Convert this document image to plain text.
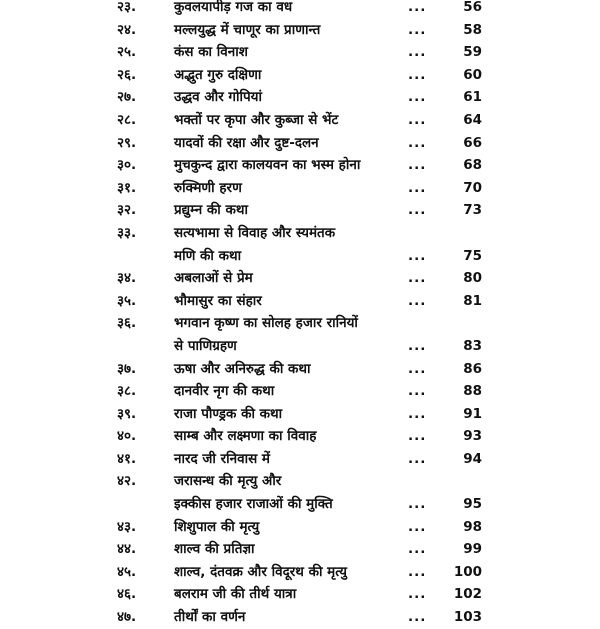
२३.	कुवलयापीड़ गज का वध	...	56
२४.	मल्लयुद्ध में चाणूर का प्राणान्त	...	58
२५.	कंस का विनाश	...	59
२६.	अद्भुत गुरु दक्षिणा	...	60
२७.	उद्धव और गोपियां	...	61
२८.	भक्तों पर कृपा और कुब्जा से भेंट	...	64
२९.	यादवों की रक्षा और दुष्ट-दलन	...	66
३०.	मुचकुन्द द्वारा कालयवन का भस्म होना	...	68
३१.	रुक्मिणी हरण	...	70
३२.	प्रद्युम्न की कथा	...	73
३३.	सत्यभामा से विवाह और स्यमंतक
मणि की कथा	...	75
३४.	अबलाओं से प्रेम	...	80
३५.	भौमासुर का संहार	...	81
३६.	भगवान कृष्ण का सोलह हजार रानियों
से पाणिग्रहण	...	83
३७.	ऊषा और अनिरुद्ध की कथा	...	86
३८.	दानवीर नृग की कथा	...	88
३९.	राजा पौण्ड्रक की कथा	...	91
४०.	साम्ब और लक्ष्मणा का विवाह	...	93
४१.	नारद जी रनिवास में	...	94
४२.	जरासन्ध की मृत्यु और
इक्कीस हजार राजाओं की मुक्ति	...	95
४३.	शिशुपाल की मृत्यु	...	98
४४.	शाल्व की प्रतिज्ञा	...	99
४५.	शाल्व, दंतवक्र और विदूरथ की मृत्यु	... 100
४६.	बलराम जी की तीर्थ यात्रा	... 102
४७.	तीर्थों का वर्णन	... 103
